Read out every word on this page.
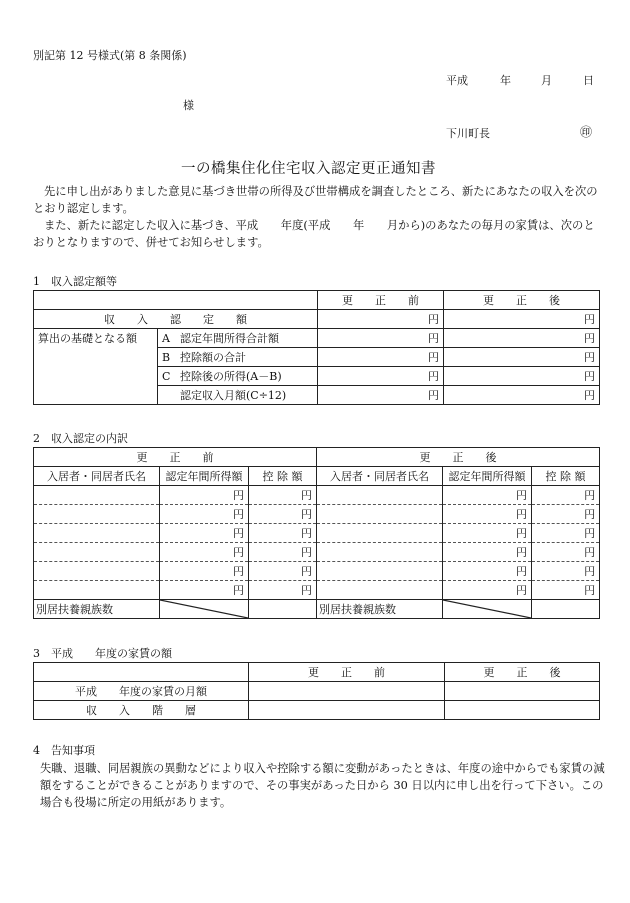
別記第 12 号様式(第 8 条関係)
平成	年	月	日
様
下川町長	㊞
一の橋集住化住宅収入認定更正通知書

先に申し出がありました意見に基づき世帯の所得及び世帯構成を調査したところ、新たにあなたの収入を次のとおり認定します。

また、新たに認定した収入に基づき、平成　　年度(平成　　年　　月から)のあなたの毎月の家賃は、次のとおりとなりますので、併せてお知らせします。

1　収入認定額等
		更　　正　　前	更　　正　　後
収　　入　　認　　定　　額		円	円
算出の基礎となる額	A 認定年間所得合計額	円	円
	B 控除額の合計	円	円
	C 控除後の所得(A－B)	円	円
	認定収入月額(C÷12)	円	円
2　収入認定の内訳
更　　正　　前			更　　正　　後		
入居者・同居者氏名	認定年間所得額	控 除 額	入居者・同居者氏名	認定年間所得額	控 除 額
	円	円		円	円
	円	円		円	円
	円	円		円	円
	円	円		円	円
	円	円		円	円
	円	円		円	円
別居扶養親族数			別居扶養親族数	

3　平成　　年度の家賃の額
	更　　正　　前	更　　正　　後
平成　　年度の家賃の月額		
収　　入　　階　　層		
4　告知事項
失職、退職、同居親族の異動などにより収入や控除する額に変動があったときは、年度の途中からでも家賃の減額をすることができることがありますので、その事実があった日から 30 日以内に申し出を行って下さい。この場合も役場に所定の用紙があります。
